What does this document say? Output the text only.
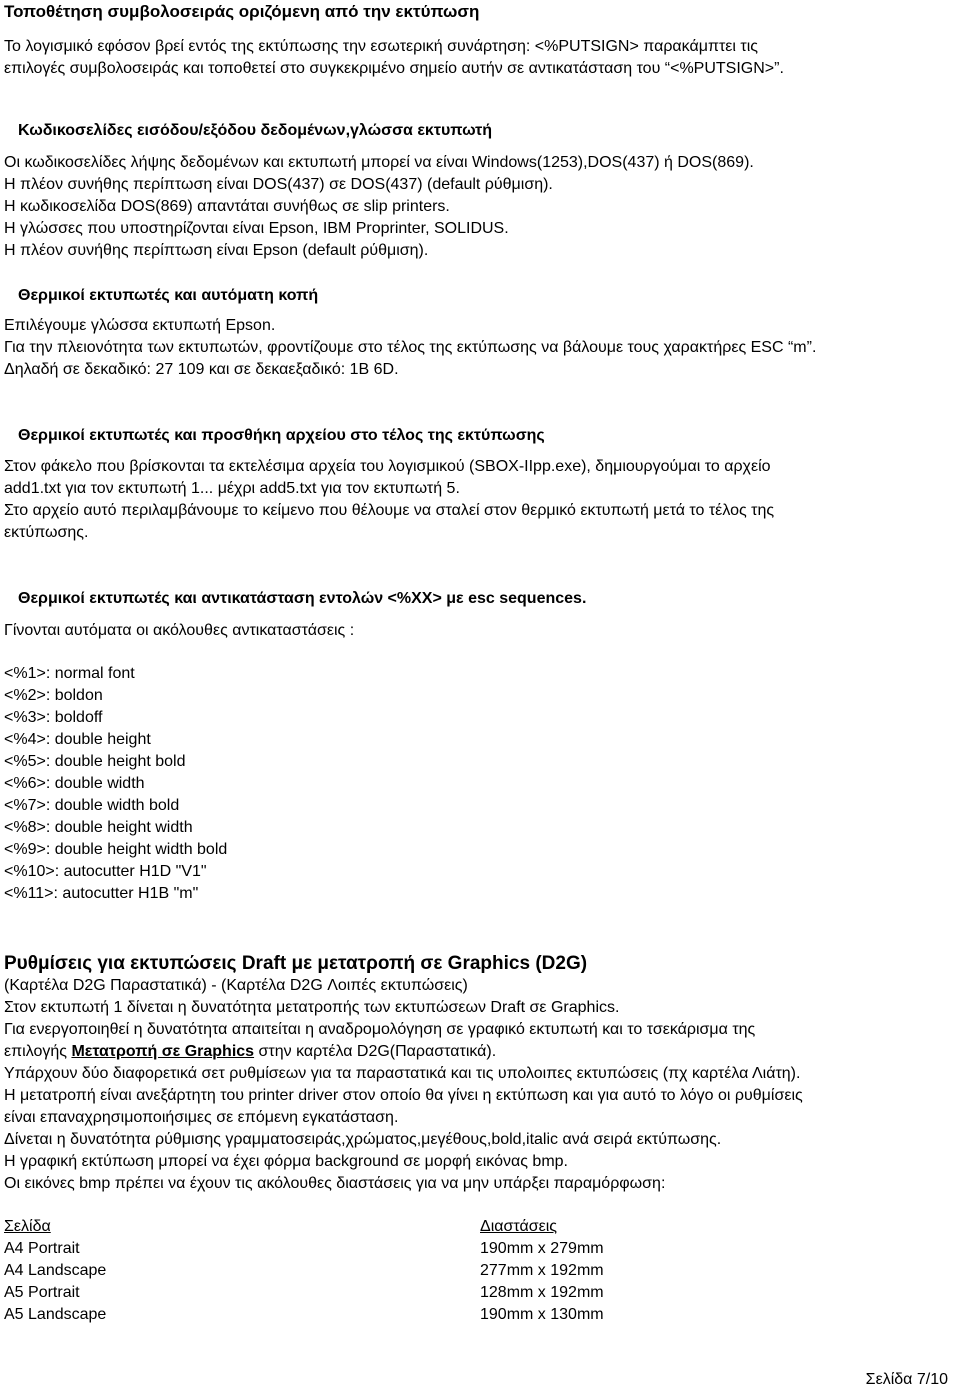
Τοποθέτηση συμβολοσειράς οριζόμενη από την εκτύπωση
Το λογισμικό εφόσον βρεί εντός της εκτύπωσης την εσωτερική συνάρτηση: <%PUTSIGN> παρακάμπτει τις
επιλογές συμβολοσειράς και τοποθετεί στο συγκεκριμένο σημείο αυτήν σε αντικατάσταση του “<%PUTSIGN>”.
Κωδικοσελίδες εισόδου/εξόδου δεδομένων,γλώσσα εκτυπωτή
Οι κωδικοσελίδες λήψης δεδομένων και εκτυπωτή μπορεί να είναι Windows(1253),DOS(437) ή DOS(869).
Η πλέον συνήθης περίπτωση είναι DOS(437) σε DOS(437) (default ρύθμιση).
Η κωδικοσελίδα DOS(869) απαντάται συνήθως σε slip printers.
Η γλώσσες που υποστηρίζονται είναι Epson, IBM Proprinter, SOLIDUS.
Η πλέον συνήθης περίπτωση είναι Epson (default ρύθμιση).
Θερμικοί εκτυπωτές και αυτόματη κοπή
Επιλέγουμε γλώσσα εκτυπωτή Epson.
Για την πλειονότητα των εκτυπωτών, φροντίζουμε στο τέλος της εκτύπωσης να βάλουμε τους χαρακτήρες ESC “m”.
Δηλαδή σε δεκαδικό: 27 109 και σε δεκαεξαδικό: 1B 6D.
Θερμικοί εκτυπωτές και προσθήκη αρχείου στο τέλος της εκτύπωσης
Στον φάκελο που βρίσκονται τα εκτελέσιμα αρχεία του λογισμικού (SBOX-IIpp.exe), δημιουργούμαι το αρχείο
add1.txt για τον εκτυπωτή 1... μέχρι add5.txt για τον εκτυπωτή 5.
Στο αρχείο αυτό περιλαμβάνουμε το κείμενο που θέλουμε να σταλεί στον θερμικό εκτυπωτή μετά το τέλος της
εκτύπωσης.
Θερμικοί εκτυπωτές και αντικατάσταση εντολών <%XX> με esc sequences.
Γίνονται αυτόματα οι ακόλουθες αντικαταστάσεις :
<%1>: normal font
<%2>: boldon
<%3>: boldoff
<%4>: double height
<%5>: double height bold
<%6>: double width
<%7>: double width bold
<%8>: double height width
<%9>: double height width bold
<%10>: autocutter H1D "V1"
<%11>: autocutter H1B "m"
Ρυθμίσεις για εκτυπώσεις Draft με μετατροπή σε Graphics (D2G)
(Καρτέλα D2G Παραστατικά) - (Καρτέλα D2G Λοιπές εκτυπώσεις)
Στον εκτυπωτή 1 δίνεται η δυνατότητα μετατροπής των εκτυπώσεων Draft σε Graphics.
Για ενεργοποιηθεί η δυνατότητα απαιτείται η αναδρομολόγηση σε γραφικό εκτυπωτή και το τσεκάρισμα της
επιλογής Μετατροπή σε Graphics στην καρτέλα D2G(Παραστατικά).
Υπάρχουν δύο διαφορετικά σετ ρυθμίσεων για τα παραστατικά και τις υπολοιπες εκτυπώσεις (πχ καρτέλα Λιάτη).
Η μετατροπή είναι ανεξάρτητη του printer driver στον οποίο θα γίνει η εκτύπωση και για αυτό το λόγο οι ρυθμίσεις
είναι επαναχρησιμοποιήσιμες σε επόμενη εγκατάσταση.
Δίνεται η δυνατότητα ρύθμισης γραμματοσειράς,χρώματος,μεγέθους,bold,italic ανά σειρά εκτύπωσης.
Η γραφική εκτύπωση μπορεί να έχει φόρμα background σε μορφή εικόνας bmp.
Οι εικόνες bmp πρέπει να έχουν τις ακόλουθες διαστάσεις για να μην υπάρξει παραμόρφωση:
Σελίδα	Διαστάσεις
A4 Portrait	190mm x 279mm
A4 Landscape	277mm x 192mm
A5 Portrait	128mm x 192mm
A5 Landscape	190mm x 130mm
Σελίδα 7/10
